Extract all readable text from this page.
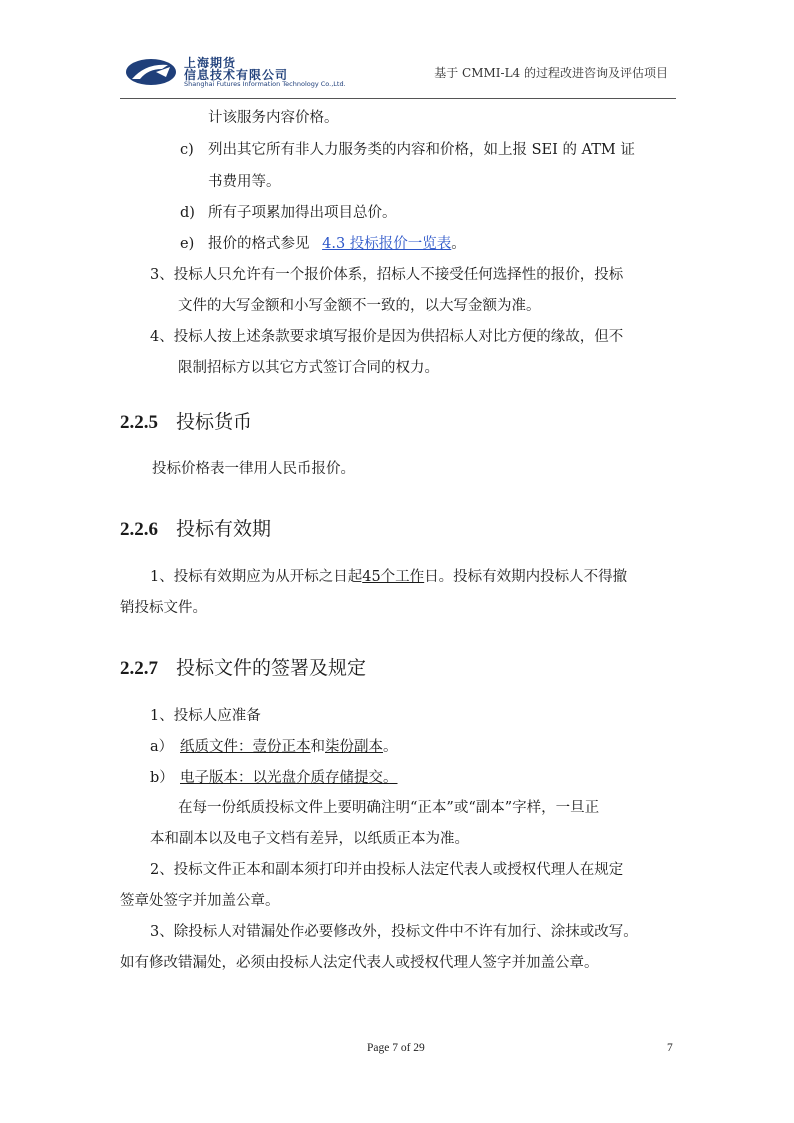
上海期货
信息技术有限公司
Shanghai Futures Information Technology Co.,Ltd.
基于 CMMI-L4 的过程改进咨询及评估项目
计该服务内容价格。
c) 列出其它所有非人力服务类的内容和价格，如上报 SEI 的 ATM 证
书费用等。
d) 所有子项累加得出项目总价。
e) 报价的格式参见 4.3 投标报价一览表。
3、投标人只允许有一个报价体系，招标人不接受任何选择性的报价，投标
文件的大写金额和小写金额不一致的，以大写金额为准。
4、投标人按上述条款要求填写报价是因为供招标人对比方便的缘故，但不
限制招标方以其它方式签订合同的权力。
2.2.5 投标货币
投标价格表一律用人民币报价。
2.2.6 投标有效期
1、投标有效期应为从开标之日起45个工作日。投标有效期内投标人不得撤
销投标文件。
2.2.7 投标文件的签署及规定
1、投标人应准备
a） 纸质文件：壹份正本和柒份副本。
b） 电子版本：以光盘介质存储提交。
在每一份纸质投标文件上要明确注明“正本”或“副本”字样，一旦正
本和副本以及电子文档有差异，以纸质正本为准。
2、投标文件正本和副本须打印并由投标人法定代表人或授权代理人在规定
签章处签字并加盖公章。
3、除投标人对错漏处作必要修改外，投标文件中不许有加行、涂抹或改写。
如有修改错漏处，必须由投标人法定代表人或授权代理人签字并加盖公章。
Page 7 of 29	7
